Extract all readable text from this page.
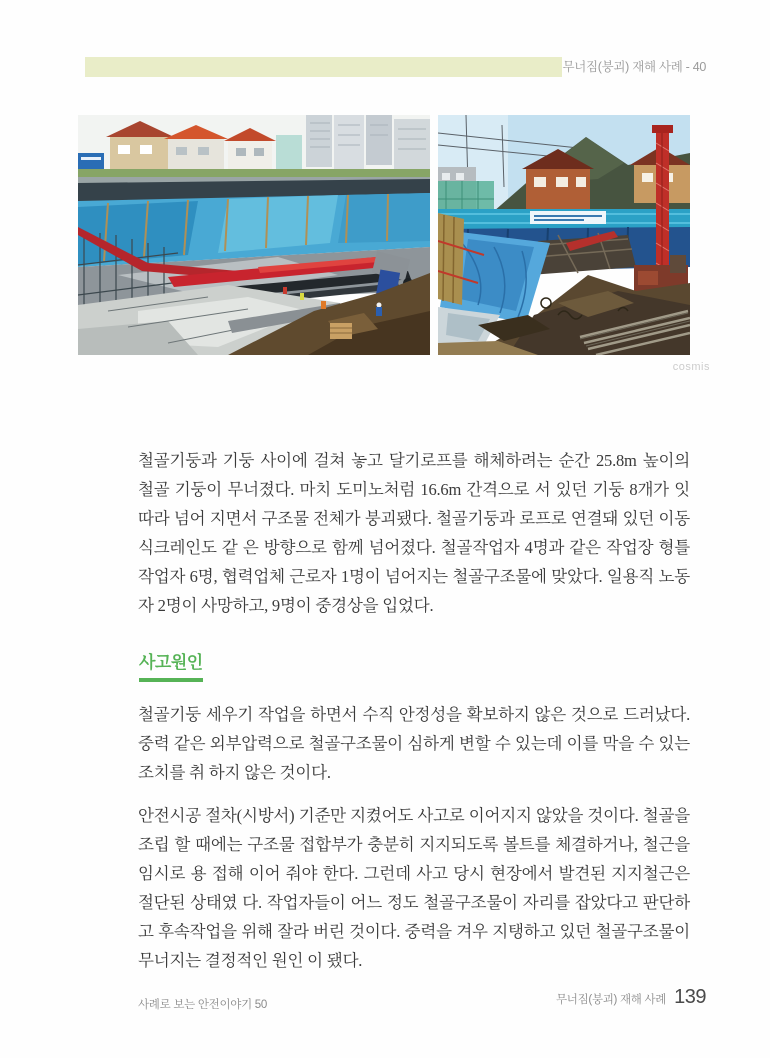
무너짐(붕괴) 재해 사례 - 40
cosmis

철골기둥과 기둥 사이에 걸쳐 놓고 달기로프를 해체하려는 순간 25.8m 높이의 철골 기둥이 무너졌다. 마치 도미노처럼 16.6m 간격으로 서 있던 기둥 8개가 잇따라 넘어 지면서 구조물 전체가 붕괴됐다. 철골기둥과 로프로 연결돼 있던 이동식크레인도 같 은 방향으로 함께 넘어졌다. 철골작업자 4명과 같은 작업장 형틀작업자 6명, 협력업체 근로자 1명이 넘어지는 철골구조물에 맞았다. 일용직 노동자 2명이 사망하고, 9명이 중경상을 입었다.

사고원인

철골기둥 세우기 작업을 하면서 수직 안정성을 확보하지 않은 것으로 드러났다. 중력 같은 외부압력으로 철골구조물이 심하게 변할 수 있는데 이를 막을 수 있는 조치를 취 하지 않은 것이다.

안전시공 절차(시방서) 기준만 지켰어도 사고로 이어지지 않았을 것이다. 철골을 조립 할 때에는 구조물 접합부가 충분히 지지되도록 볼트를 체결하거나, 철근을 임시로 용 접해 이어 줘야 한다. 그런데 사고 당시 현장에서 발견된 지지철근은 절단된 상태였 다. 작업자들이 어느 정도 철골구조물이 자리를 잡았다고 판단하고 후속작업을 위해 잘라 버린 것이다. 중력을 겨우 지탱하고 있던 철골구조물이 무너지는 결정적인 원인 이 됐다.

사례로 보는 안전이야기 50	무너짐(붕괴) 재해 사례 139
